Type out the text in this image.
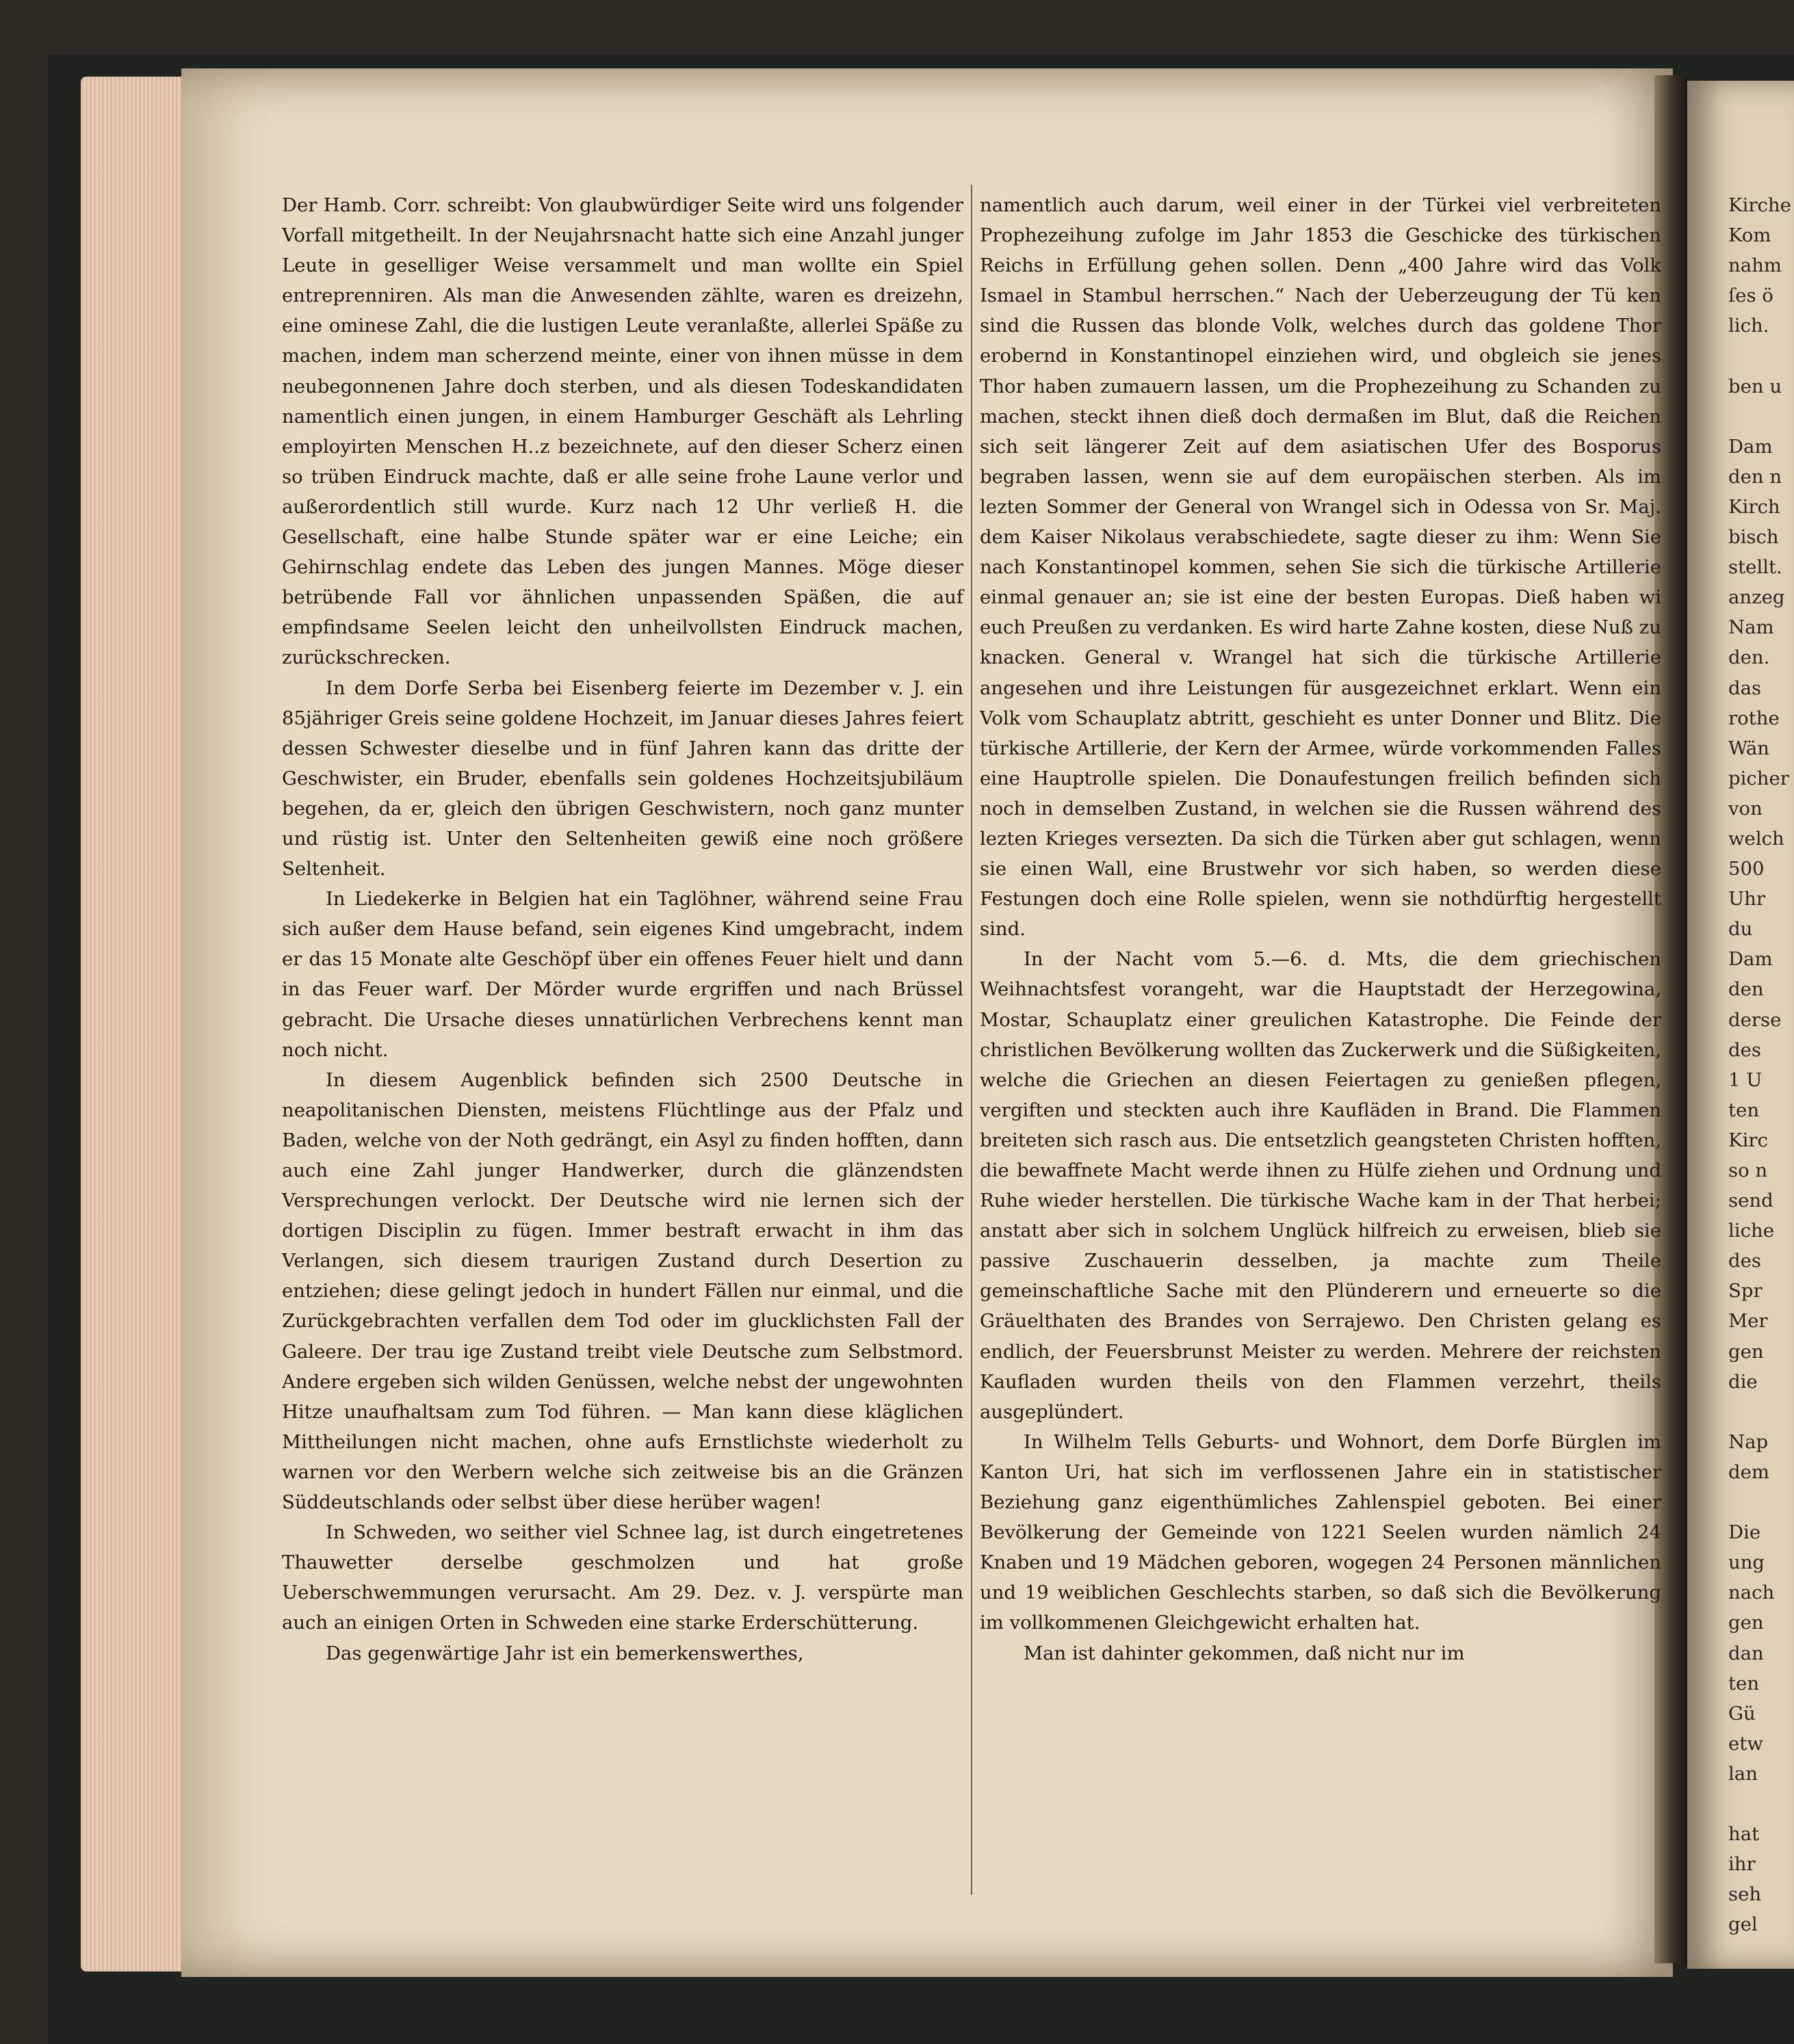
Der Hamb. Corr. schreibt: Von glaubwürdiger Seite wird uns folgender Vorfall mitgetheilt. In der Neujahrsnacht hatte sich eine Anzahl junger Leute in geselliger Weise versammelt und man wollte ein Spiel entreprenniren. Als man die Anwesenden zählte, waren es dreizehn, eine ominese Zahl, die die lustigen Leute veranlaßte, allerlei Späße zu machen, indem man scherzend meinte, einer von ihnen müsse in dem neubegonnenen Jahre doch sterben, und als diesen Todeskandidaten namentlich einen jungen, in einem Hamburger Geschäft als Lehrling employirten Menschen H..z bezeichnete, auf den dieser Scherz einen so trüben Eindruck machte, daß er alle seine frohe Laune verlor und außerordentlich still wurde. Kurz nach 12 Uhr verließ H. die Gesellschaft, eine halbe Stunde später war er eine Leiche; ein Gehirnschlag endete das Leben des jungen Mannes. Möge dieser betrübende Fall vor ähnlichen unpassenden Späßen, die auf empfindsame Seelen leicht den unheilvollsten Eindruck machen, zurückschrecken.

In dem Dorfe Serba bei Eisenberg feierte im Dezember v. J. ein 85jähriger Greis seine goldene Hochzeit, im Januar dieses Jahres feiert dessen Schwester dieselbe und in fünf Jahren kann das dritte der Geschwister, ein Bruder, ebenfalls sein goldenes Hochzeitsjubiläum begehen, da er, gleich den übrigen Geschwistern, noch ganz munter und rüstig ist. Unter den Seltenheiten gewiß eine noch größere Seltenheit.

In Liedekerke in Belgien hat ein Taglöhner, während seine Frau sich außer dem Hause befand, sein eigenes Kind umgebracht, indem er das 15 Monate alte Geschöpf über ein offenes Feuer hielt und dann in das Feuer warf. Der Mörder wurde ergriffen und nach Brüssel gebracht. Die Ursache dieses unnatürlichen Verbrechens kennt man noch nicht.

In diesem Augenblick befinden sich 2500 Deutsche in neapolitanischen Diensten, meistens Flüchtlinge aus der Pfalz und Baden, welche von der Noth gedrängt, ein Asyl zu finden hofften, dann auch eine Zahl junger Handwerker, durch die glänzendsten Versprechungen verlockt. Der Deutsche wird nie lernen sich der dortigen Disciplin zu fügen. Immer bestraft erwacht in ihm das Verlangen, sich diesem traurigen Zustand durch Desertion zu entziehen; diese gelingt jedoch in hundert Fällen nur einmal, und die Zurückgebrachten verfallen dem Tod oder im glucklichsten Fall der Galeere. Der trau ige Zustand treibt viele Deutsche zum Selbstmord. Andere ergeben sich wilden Genüssen, welche nebst der ungewohnten Hitze unaufhaltsam zum Tod führen. — Man kann diese kläglichen Mittheilungen nicht machen, ohne aufs Ernstlichste wiederholt zu warnen vor den Werbern welche sich zeitweise bis an die Gränzen Süddeutschlands oder selbst über diese herüber wagen!

In Schweden, wo seither viel Schnee lag, ist durch eingetretenes Thauwetter derselbe geschmolzen und hat große Ueberschwemmungen verursacht. Am 29. Dez. v. J. verspürte man auch an einigen Orten in Schweden eine starke Erderschütterung.

Das gegenwärtige Jahr ist ein bemerkenswerthes,

namentlich auch darum, weil einer in der Türkei viel verbreiteten Prophezeihung zufolge im Jahr 1853 die Geschicke des türkischen Reichs in Erfüllung gehen sollen. Denn „400 Jahre wird das Volk Ismael in Stambul herrschen.“ Nach der Ueberzeugung der Tü ken sind die Russen das blonde Volk, welches durch das goldene Thor erobernd in Konstantinopel einziehen wird, und obgleich sie jenes Thor haben zumauern lassen, um die Prophezeihung zu Schanden zu machen, steckt ihnen dieß doch dermaßen im Blut, daß die Reichen sich seit längerer Zeit auf dem asiatischen Ufer des Bosporus begraben lassen, wenn sie auf dem europäischen sterben. Als im lezten Sommer der General von Wrangel sich in Odessa von Sr. Maj. dem Kaiser Nikolaus verabschiedete, sagte dieser zu ihm: Wenn Sie nach Konstantinopel kommen, sehen Sie sich die türkische Artillerie einmal genauer an; sie ist eine der besten Europas. Dieß haben wi euch Preußen zu verdanken. Es wird harte Zahne kosten, diese Nuß zu knacken. General v. Wrangel hat sich die türkische Artillerie angesehen und ihre Leistungen für ausgezeichnet erklart. Wenn ein Volk vom Schauplatz abtritt, geschieht es unter Donner und Blitz. Die türkische Artillerie, der Kern der Armee, würde vorkommenden Falles eine Hauptrolle spielen. Die Donaufestungen freilich befinden sich noch in demselben Zustand, in welchen sie die Russen während des lezten Krieges versezten. Da sich die Türken aber gut schlagen, wenn sie einen Wall, eine Brustwehr vor sich haben, so werden diese Festungen doch eine Rolle spielen, wenn sie nothdürftig hergestellt sind.

In der Nacht vom 5.—6. d. Mts, die dem griechischen Weihnachtsfest vorangeht, war die Hauptstadt der Herzegowina, Mostar, Schauplatz einer greulichen Katastrophe. Die Feinde der christlichen Bevölkerung wollten das Zuckerwerk und die Süßigkeiten, welche die Griechen an diesen Feiertagen zu genießen pflegen, vergiften und steckten auch ihre Kaufläden in Brand. Die Flammen breiteten sich rasch aus. Die entsetzlich geangsteten Christen hofften, die bewaffnete Macht werde ihnen zu Hülfe ziehen und Ordnung und Ruhe wieder herstellen. Die türkische Wache kam in der That herbei; anstatt aber sich in solchem Unglück hilfreich zu erweisen, blieb sie passive Zuschauerin desselben, ja machte zum Theile gemeinschaftliche Sache mit den Plünderern und erneuerte so die Gräuelthaten des Brandes von Serrajewo. Den Christen gelang es endlich, der Feuersbrunst Meister zu werden. Mehrere der reichsten Kaufladen wurden theils von den Flammen verzehrt, theils ausgeplündert.

In Wilhelm Tells Geburts- und Wohnort, dem Dorfe Bürglen im Kanton Uri, hat sich im verflossenen Jahre ein in statistischer Beziehung ganz eigenthümliches Zahlenspiel geboten. Bei einer Bevölkerung der Gemeinde von 1221 Seelen wurden nämlich 24 Knaben und 19 Mädchen geboren, wogegen 24 Personen männlichen und 19 weiblichen Geschlechts starben, so daß sich die Bevölkerung im vollkommenen Gleichgewicht erhalten hat.

Man ist dahinter gekommen, daß nicht nur im

Kirche
Kom
nahm
ſes ö
lich.
ben u
Dam
den n
Kirch
bisch
stellt.
anzeg
Nam
den.
das
rothe
Wän
picher
von
welch
500
Uhr
du
Dam
den
derse
des
1 U
ten
Kirc
so n
send
liche
des
Spr
Mer
gen
die
Nap
dem
Die
ung
nach
gen
dan
ten
Gü
etw
lan
hat
ihr
seh
gel
